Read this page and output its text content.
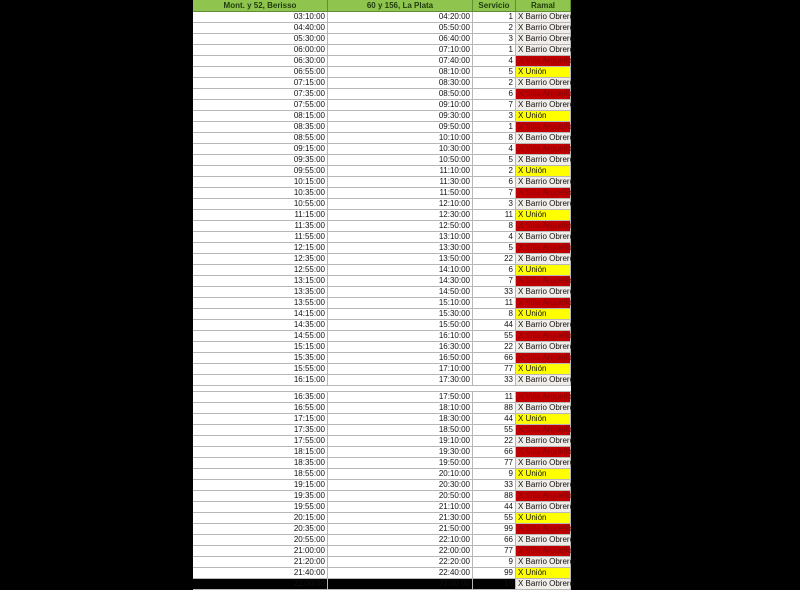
Mont. y 52, Berisso	60 y 156, La Plata	Servicio	Ramal
03:10:00	04:20:00	1 X Barrio Obrero
04:40:00	05:50:00	2 X Barrio Obrero
05:30:00	06:40:00	3 X Barrio Obrero
06:00:00	07:10:00	1 X Barrio Obrero
06:30:00	07:40:00	4 X Villa Arguello
06:55:00	08:10:00	5 X Unión
07:15:00	08:30:00	2 X Barrio Obrero
07:35:00	08:50:00	6 X Villa Arguello
07:55:00	09:10:00	7 X Barrio Obrero
08:15:00	09:30:00	3 X Unión
08:35:00	09:50:00	1 X Villa Arguello
08:55:00	10:10:00	8 X Barrio Obrero
09:15:00	10:30:00	4 X Villa Arguello
09:35:00	10:50:00	5 X Barrio Obrero
09:55:00	11:10:00	2 X Unión
10:15:00	11:30:00	6 X Barrio Obrero
10:35:00	11:50:00	7 X Villa Arguello
10:55:00	12:10:00	3 X Barrio Obrero
11:15:00	12:30:00	11 X Unión
11:35:00	12:50:00	8 X Villa Arguello
11:55:00	13:10:00	4 X Barrio Obrero
12:15:00	13:30:00	5 X Villa Arguello
12:35:00	13:50:00	22 X Barrio Obrero
12:55:00	14:10:00	6 X Unión
13:15:00	14:30:00	7 X Villa Arguello
13:35:00	14:50:00	33 X Barrio Obrero
13:55:00	15:10:00	11 X Villa Arguello
14:15:00	15:30:00	8 X Unión
14:35:00	15:50:00	44 X Barrio Obrero
14:55:00	16:10:00	55 X Villa Arguello
15:15:00	16:30:00	22 X Barrio Obrero
15:35:00	16:50:00	66 X Villa Arguello
15:55:00	17:10:00	77 X Unión
16:15:00	17:30:00	33 X Barrio Obrero
16:35:00	17:50:00	11 X Villa Arguello
16:55:00	18:10:00	88 X Barrio Obrero
17:15:00	18:30:00	44 X Unión
17:35:00	18:50:00	55 X Villa Arguello
17:55:00	19:10:00	22 X Barrio Obrero
18:15:00	19:30:00	66 X Villa Arguello
18:35:00	19:50:00	77 X Barrio Obrero
18:55:00	20:10:00	9 X Unión
19:15:00	20:30:00	33 X Barrio Obrero
19:35:00	20:50:00	88 X Villa Arguello
19:55:00	21:10:00	44 X Barrio Obrero
20:15:00	21:30:00	55 X Unión
20:35:00	21:50:00	99 X Villa Arguello
20:55:00	22:10:00	66 X Barrio Obrero
21:00:00	22:00:00	77 X Villa Arguello
21:20:00	22:20:00	9 X Barrio Obrero
21:40:00	22:40:00	99 X Unión
22:00:00	23:00:00	10 X Barrio Obrero
